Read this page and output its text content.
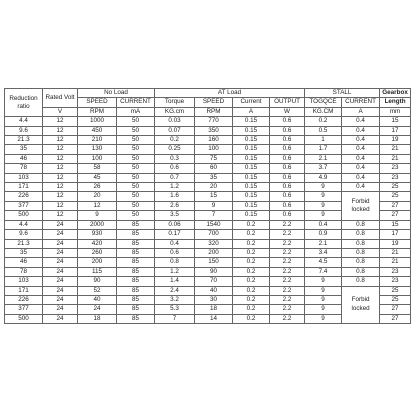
Reduction ratio	Rated Volt	No Load		AT Load				STALL		Gearbox
		SPEED	CURRENT	Torque	SPEED	Current	OUTPUT	TOGQCE	CURRENT	Length
	V	RPM	mA	KG.cm	RPM	A	W	KG.CM	A	mm
4.4	12	1000	50	0.03	770	0.15	0.6	0.2	0.4	15
9.6	12	450	50	0.07	350	0.15	0.6	0.5	0.4	17
21.3	12	210	50	0.2	160	0.15	0.6	1	0.4	19
35	12	130	50	0.25	100	0.15	0.6	1.7	0.4	21
46	12	100	50	0.3	75	0.15	0.6	2.1	0.4	21
78	12	58	50	0.6	60	0.15	0.6	3.7	0.4	23
103	12	45	50	0.7	35	0.15	0.6	4.9	0.4	23
171	12	26	50	1.2	20	0.15	0.6	9	0.4	25
226	12	20	50	1.6	15	0.15	0.6	9	Forbid locked	25
377	12	12	50	2.6	9	0.15	0.6	9		27
500	12	9	50	3.5	7	0.15	0.6	9		27
4.4	24	2000	85	0.06	1540	0.2	2.2	0.4	0.8	15
9.6	24	930	85	0.17	700	0.2	2.2	0.9	0.8	17
21.3	24	420	85	0.4	320	0.2	2.2	2.1	0.8	19
35	24	260	85	0.6	200	0.2	2.2	3.4	0.8	21
46	24	200	85	0.8	150	0.2	2.2	4.5	0.8	21
78	24	115	85	1.2	90	0.2	2.2	7.4	0.8	23
103	24	90	85	1.4	70	0.2	2.2	9	0.8	23
171	24	52	85	2.4	40	0.2	2.2	9	Forbid locked	25
226	24	40	85	3.2	30	0.2	2.2	9		25
377	24	24	85	5.3	18	0.2	2.2	9		27
500	24	18	85	7	14	0.2	2.2	9		27
